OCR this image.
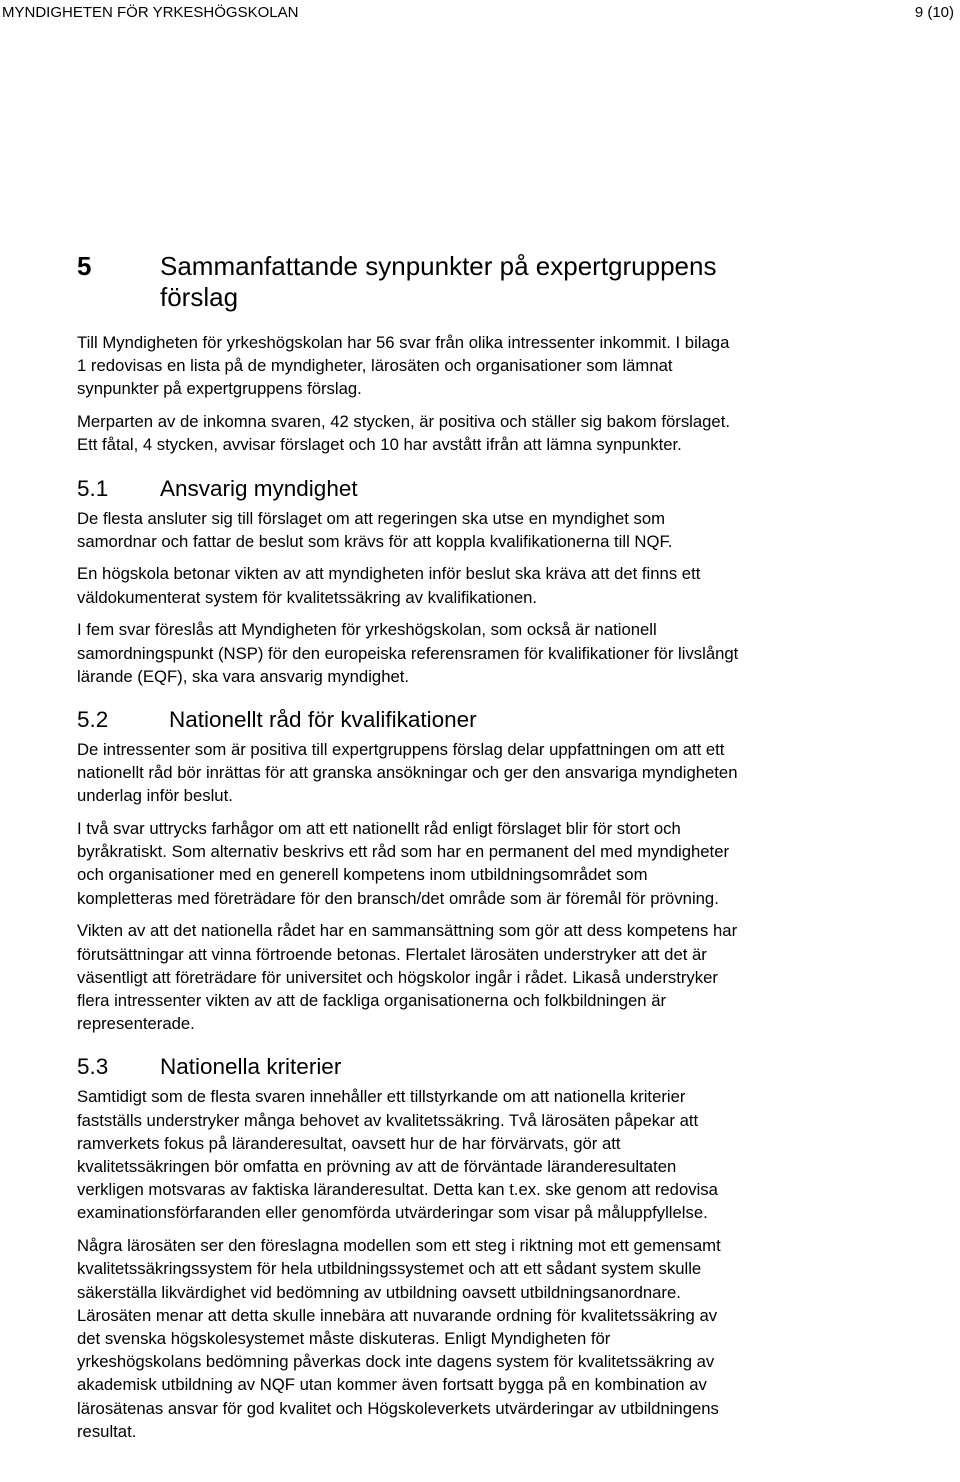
MYNDIGHETEN FÖR YRKESHÖGSKOLAN	9 (10)
5	Sammanfattande synpunkter på expertgruppens
förslag

Till Myndigheten för yrkeshögskolan har 56 svar från olika intressenter inkommit. I bilaga
1 redovisas en lista på de myndigheter, lärosäten och organisationer som lämnat
synpunkter på expertgruppens förslag.

Merparten av de inkomna svaren, 42 stycken, är positiva och ställer sig bakom förslaget.
Ett fåtal, 4 stycken, avvisar förslaget och 10 har avstått ifrån att lämna synpunkter.

5.1	Ansvarig myndighet

De flesta ansluter sig till förslaget om att regeringen ska utse en myndighet som
samordnar och fattar de beslut som krävs för att koppla kvalifikationerna till NQF.

En högskola betonar vikten av att myndigheten inför beslut ska kräva att det finns ett
väldokumenterat system för kvalitetssäkring av kvalifikationen.

I fem svar föreslås att Myndigheten för yrkeshögskolan, som också är nationell
samordningspunkt (NSP) för den europeiska referensramen för kvalifikationer för livslångt
lärande (EQF), ska vara ansvarig myndighet.

5.2	Nationellt råd för kvalifikationer

De intressenter som är positiva till expertgruppens förslag delar uppfattningen om att ett
nationellt råd bör inrättas för att granska ansökningar och ger den ansvariga myndigheten
underlag inför beslut.

I två svar uttrycks farhågor om att ett nationellt råd enligt förslaget blir för stort och
byråkratiskt. Som alternativ beskrivs ett råd som har en permanent del med myndigheter
och organisationer med en generell kompetens inom utbildningsområdet som
kompletteras med företrädare för den bransch/det område som är föremål för prövning.

Vikten av att det nationella rådet har en sammansättning som gör att dess kompetens har
förutsättningar att vinna förtroende betonas. Flertalet lärosäten understryker att det är
väsentligt att företrädare för universitet och högskolor ingår i rådet. Likaså understryker
flera intressenter vikten av att de fackliga organisationerna och folkbildningen är
representerade.

5.3	Nationella kriterier

Samtidigt som de flesta svaren innehåller ett tillstyrkande om att nationella kriterier
fastställs understryker många behovet av kvalitetssäkring. Två lärosäten påpekar att
ramverkets fokus på läranderesultat, oavsett hur de har förvärvats, gör att
kvalitetssäkringen bör omfatta en prövning av att de förväntade läranderesultaten
verkligen motsvaras av faktiska läranderesultat. Detta kan t.ex. ske genom att redovisa
examinationsförfaranden eller genomförda utvärderingar som visar på måluppfyllelse.

Några lärosäten ser den föreslagna modellen som ett steg i riktning mot ett gemensamt
kvalitetssäkringssystem för hela utbildningssystemet och att ett sådant system skulle
säkerställa likvärdighet vid bedömning av utbildning oavsett utbildningsanordnare.
Lärosäten menar att detta skulle innebära att nuvarande ordning för kvalitetssäkring av
det svenska högskolesystemet måste diskuteras. Enligt Myndigheten för
yrkeshögskolans bedömning påverkas dock inte dagens system för kvalitetssäkring av
akademisk utbildning av NQF utan kommer även fortsatt bygga på en kombination av
lärosätenas ansvar för god kvalitet och Högskoleverkets utvärderingar av utbildningens
resultat.
